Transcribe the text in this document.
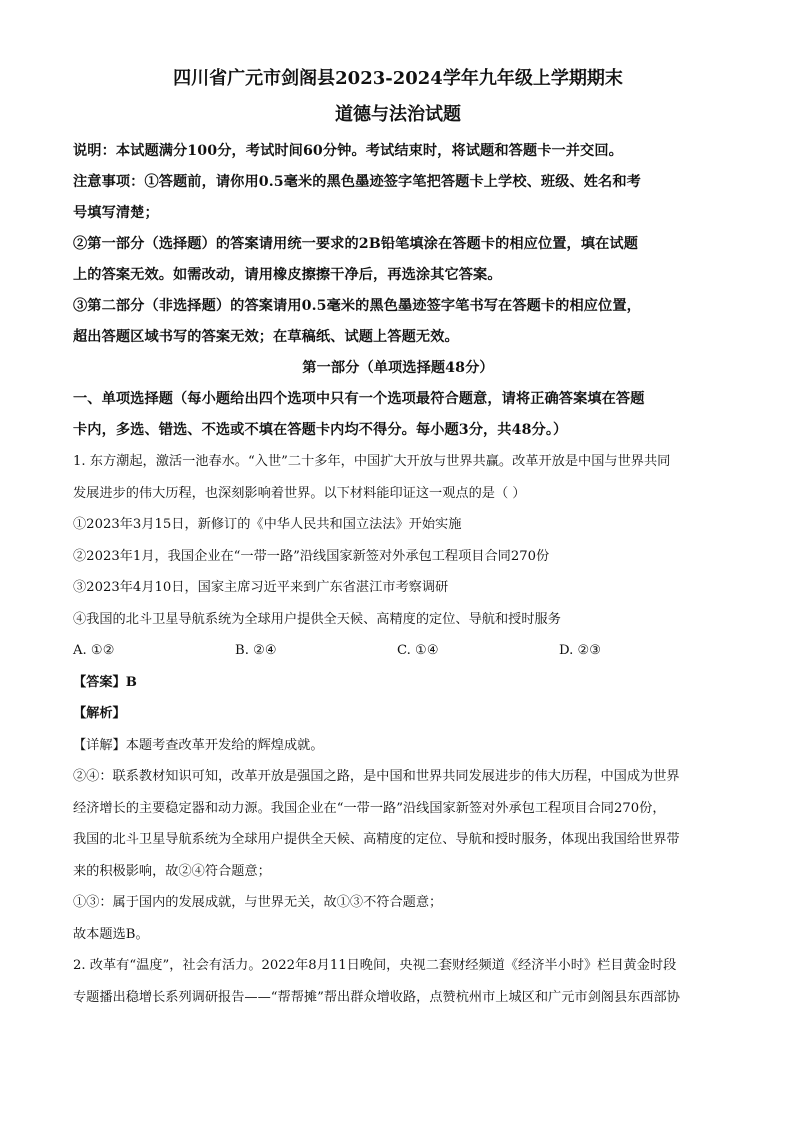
四川省广元市剑阁县2023-2024学年九年级上学期期末
道德与法治试题
说明：本试题满分100分，考试时间60分钟。考试结束时，将试题和答题卡一并交回。
注意事项：①答题前，请你用0.5毫米的黑色墨迹签字笔把答题卡上学校、班级、姓名和考
号填写清楚；
②第一部分（选择题）的答案请用统一要求的2B铅笔填涂在答题卡的相应位置，填在试题
上的答案无效。如需改动，请用橡皮擦擦干净后，再选涂其它答案。
③第二部分（非选择题）的答案请用0.5毫米的黑色墨迹签字笔书写在答题卡的相应位置，
超出答题区域书写的答案无效；在草稿纸、试题上答题无效。
第一部分（单项选择题48分）
一、单项选择题（每小题给出四个选项中只有一个选项最符合题意，请将正确答案填在答题
卡内，多选、错选、不选或不填在答题卡内均不得分。每小题3分，共48分。）
1. 东方潮起，激活一池春水。“入世”二十多年，中国扩大开放与世界共赢。改革开放是中国与世界共同
发展进步的伟大历程，也深刻影响着世界。以下材料能印证这一观点的是（ ）
①2023年3月15日，新修订的《中华人民共和国立法法》开始实施
②2023年1月，我国企业在“一带一路”沿线国家新签对外承包工程项目合同270份
③2023年4月10日，国家主席习近平来到广东省湛江市考察调研
④我国的北斗卫星导航系统为全球用户提供全天候、高精度的定位、导航和授时服务
A. ①②	B. ②④	C. ①④	D. ②③
【答案】B
【解析】
【详解】本题考查改革开发给的辉煌成就。
②④：联系教材知识可知，改革开放是强国之路，是中国和世界共同发展进步的伟大历程，中国成为世界
经济增长的主要稳定器和动力源。我国企业在“一带一路”沿线国家新签对外承包工程项目合同270份，
我国的北斗卫星导航系统为全球用户提供全天候、高精度的定位、导航和授时服务，体现出我国给世界带
来的积极影响，故②④符合题意；
①③：属于国内的发展成就，与世界无关，故①③不符合题意；
故本题选B。
2. 改革有“温度”，社会有活力。2022年8月11日晚间，央视二套财经频道《经济半小时》栏目黄金时段
专题播出稳增长系列调研报告——“帮帮摊”帮出群众增收路，点赞杭州市上城区和广元市剑阁县东西部协
